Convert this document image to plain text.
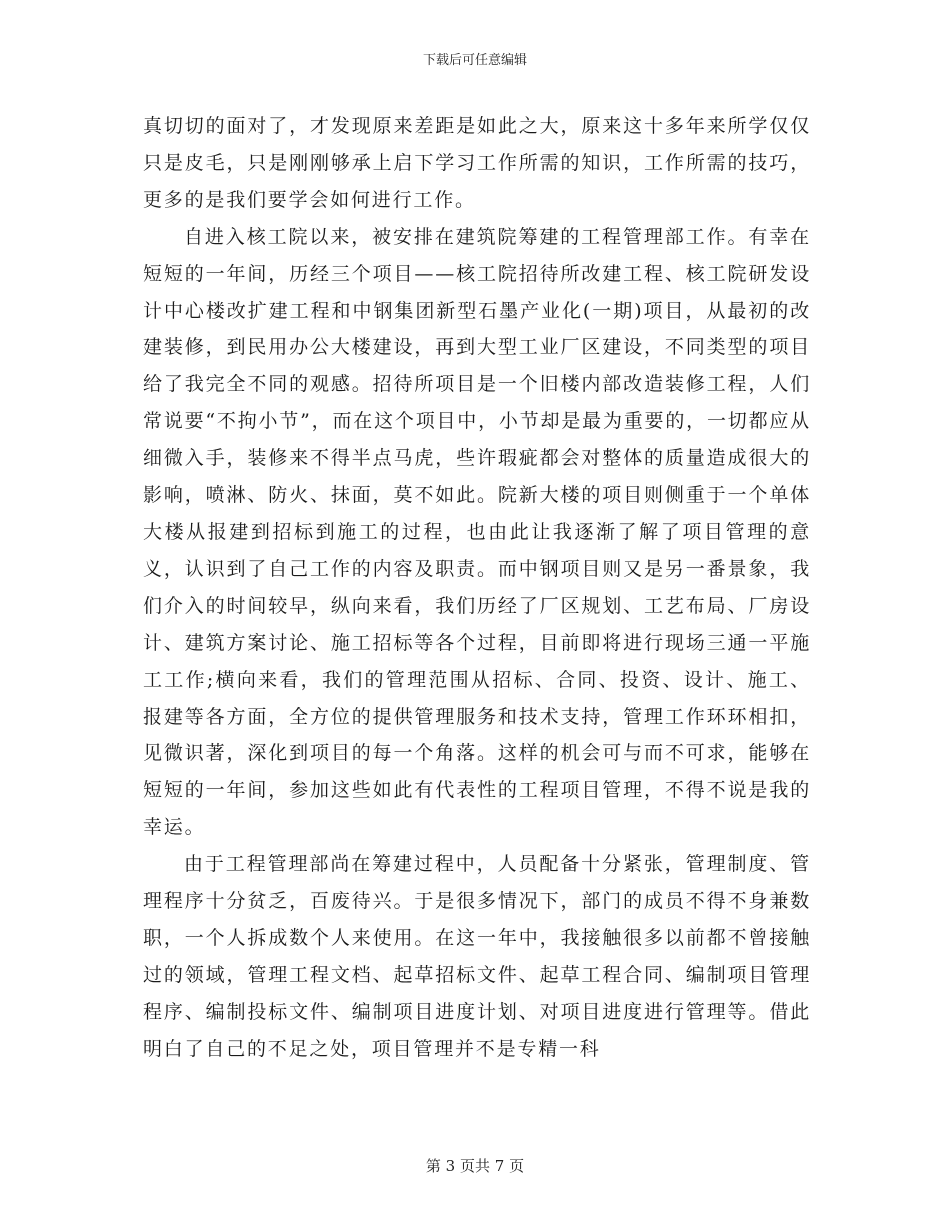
下载后可任意编辑

真切切的面对了，才发现原来差距是如此之大，原来这十多年来所学仅仅只是皮毛，只是刚刚够承上启下学习工作所需的知识，工作所需的技巧，更多的是我们要学会如何进行工作。

自进入核工院以来，被安排在建筑院筹建的工程管理部工作。有幸在短短的一年间，历经三个项目——核工院招待所改建工程、核工院研发设计中心楼改扩建工程和中钢集团新型石墨产业化(一期)项目，从最初的改建装修，到民用办公大楼建设，再到大型工业厂区建设，不同类型的项目给了我完全不同的观感。招待所项目是一个旧楼内部改造装修工程，人们常说要“不拘小节”，而在这个项目中，小节却是最为重要的，一切都应从细微入手，装修来不得半点马虎，些许瑕疵都会对整体的质量造成很大的影响，喷淋、防火、抹面，莫不如此。院新大楼的项目则侧重于一个单体大楼从报建到招标到施工的过程，也由此让我逐渐了解了项目管理的意义，认识到了自己工作的内容及职责。而中钢项目则又是另一番景象，我们介入的时间较早，纵向来看，我们历经了厂区规划、工艺布局、厂房设计、建筑方案讨论、施工招标等各个过程，目前即将进行现场三通一平施工工作;横向来看，我们的管理范围从招标、合同、投资、设计、施工、报建等各方面，全方位的提供管理服务和技术支持，管理工作环环相扣，见微识著，深化到项目的每一个角落。这样的机会可与而不可求，能够在短短的一年间，参加这些如此有代表性的工程项目管理，不得不说是我的幸运。

由于工程管理部尚在筹建过程中，人员配备十分紧张，管理制度、管理程序十分贫乏，百废待兴。于是很多情况下，部门的成员不得不身兼数职，一个人拆成数个人来使用。在这一年中，我接触很多以前都不曾接触过的领域，管理工程文档、起草招标文件、起草工程合同、编制项目管理程序、编制投标文件、编制项目进度计划、对项目进度进行管理等。借此明白了自己的不足之处，项目管理并不是专精一科

第 3 页共 7 页
